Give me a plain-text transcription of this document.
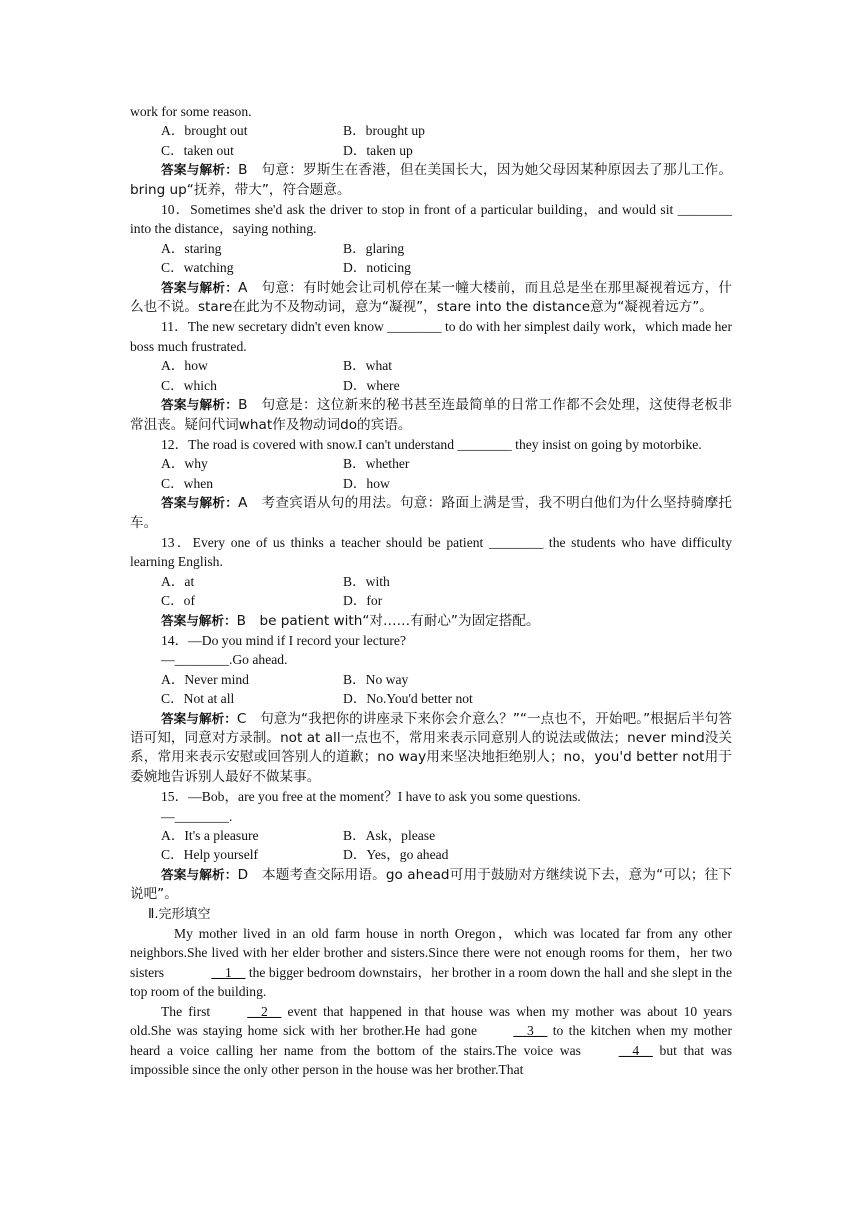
work for some reason.
A．brought out	B．brought up
C．taken out	D．taken up
答案与解析：B　句意：罗斯生在香港，但在美国长大，因为她父母因某种原因去了那儿工作。bring up“抚养，带大”，符合题意。
10．Sometimes she'd ask the driver to stop in front of a particular building，and would sit ________ into the distance，saying nothing.
A．staring	B．glaring
C．watching	D．noticing
答案与解析：A　句意：有时她会让司机停在某一幢大楼前，而且总是坐在那里凝视着远方，什么也不说。stare在此为不及物动词，意为“凝视”，stare into the distance意为“凝视着远方”。
11．The new secretary didn't even know ________ to do with her simplest daily work，which made her boss much frustrated.
A．how	B．what
C．which	D．where
答案与解析：B　句意是：这位新来的秘书甚至连最简单的日常工作都不会处理，这使得老板非常沮丧。疑问代词what作及物动词do的宾语。
12．The road is covered with snow.I can't understand ________ they insist on going by motorbike.
A．why	B．whether
C．when	D．how
答案与解析：A　考查宾语从句的用法。句意：路面上满是雪，我不明白他们为什么坚持骑摩托车。
13．Every one of us thinks a teacher should be patient ________ the students who have difficulty learning English.
A．at	B．with
C．of	D．for
答案与解析：B　be patient with“对……有耐心”为固定搭配。
14．—Do you mind if I record your lecture?
—________.Go ahead.
A．Never mind	B．No way
C．Not at all	D．No.You'd better not
答案与解析：C　句意为“我把你的讲座录下来你会介意么？”“一点也不，开始吧。”根据后半句答语可知，同意对方录制。not at all一点也不，常用来表示同意别人的说法或做法；never mind没关系，常用来表示安慰或回答别人的道歉；no way用来坚决地拒绝别人；no，you'd better not用于委婉地告诉别人最好不做某事。
15．—Bob，are you free at the moment？I have to ask you some questions.
—________.
A．It's a pleasure	B．Ask，please
C．Help yourself	D．Yes，go ahead
答案与解析：D　本题考查交际用语。go ahead可用于鼓励对方继续说下去，意为“可以；往下说吧”。
Ⅱ.完形填空
My mother lived in an old farm house in north Oregon，which was located far from any other neighbors.She lived with her elder brother and sisters.Since there were not enough rooms for them，her two sisters	__1__ the bigger bedroom downstairs，her brother in a room down the hall and she slept in the top room of the building.
The first	__2__ event that happened in that house was when my mother was about 10 years old.She was staying home sick with her brother.He had gone	__3__ to the kitchen when my mother heard a voice calling her name from the bottom of the stairs.The voice was	__4__ but that was impossible since the only other person in the house was her brother.That
